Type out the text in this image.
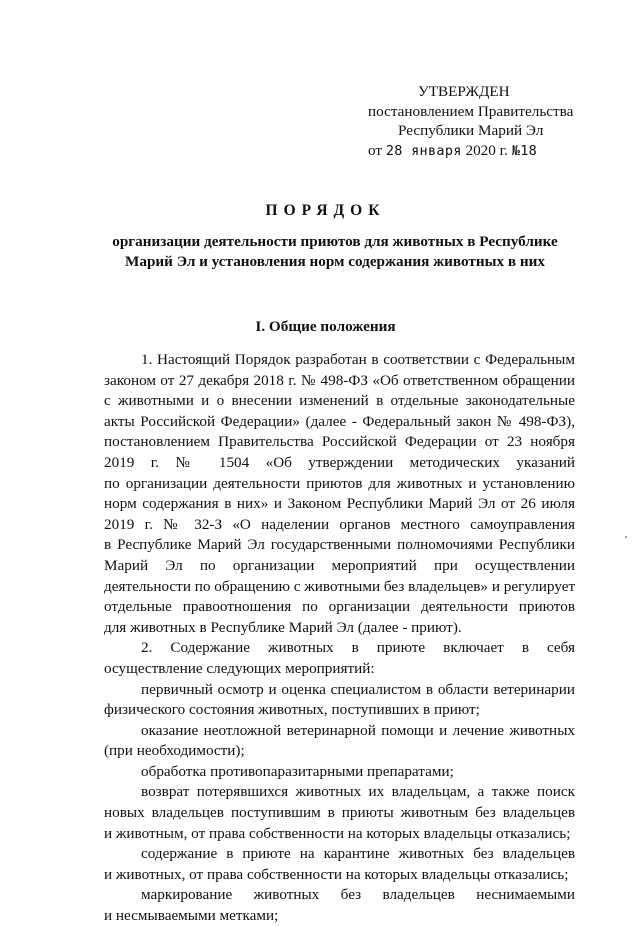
УТВЕРЖДЕН
постановлением Правительства
Республики Марий Эл
от 28 января 2020 г. №18
ПОРЯДОК
организации деятельности приютов для животных в Республике Марий Эл и установления норм содержания животных в них
I. Общие положения
1. Настоящий Порядок разработан в соответствии с Федеральным
законом от 27 декабря 2018 г. № 498-ФЗ «Об ответственном обращении
с животными и о внесении изменений в отдельные законодательные
акты Российской Федерации» (далее - Федеральный закон № 498-ФЗ),
постановлением Правительства Российской Федерации от 23 ноября
2019 г. № 1504 «Об утверждении методических указаний
по организации деятельности приютов для животных и установлению
норм содержания в них» и Законом Республики Марий Эл от 26 июля
2019 г. № 32-З «О наделении органов местного самоуправления
в Республике Марий Эл государственными полномочиями Республики
Марий Эл по организации мероприятий при осуществлении
деятельности по обращению с животными без владельцев» и регулирует
отдельные правоотношения по организации деятельности приютов
для животных в Республике Марий Эл (далее - приют).
2. Содержание животных в приюте включает в себя
осуществление следующих мероприятий:
первичный осмотр и оценка специалистом в области ветеринарии
физического состояния животных, поступивших в приют;
оказание неотложной ветеринарной помощи и лечение животных
(при необходимости);
обработка противопаразитарными препаратами;
возврат потерявшихся животных их владельцам, а также поиск
новых владельцев поступившим в приюты животным без владельцев
и животным, от права собственности на которых владельцы отказались;
содержание в приюте на карантине животных без владельцев
и животных, от права собственности на которых владельцы отказались;
маркирование животных без владельцев неснимаемыми
и несмываемыми метками;
